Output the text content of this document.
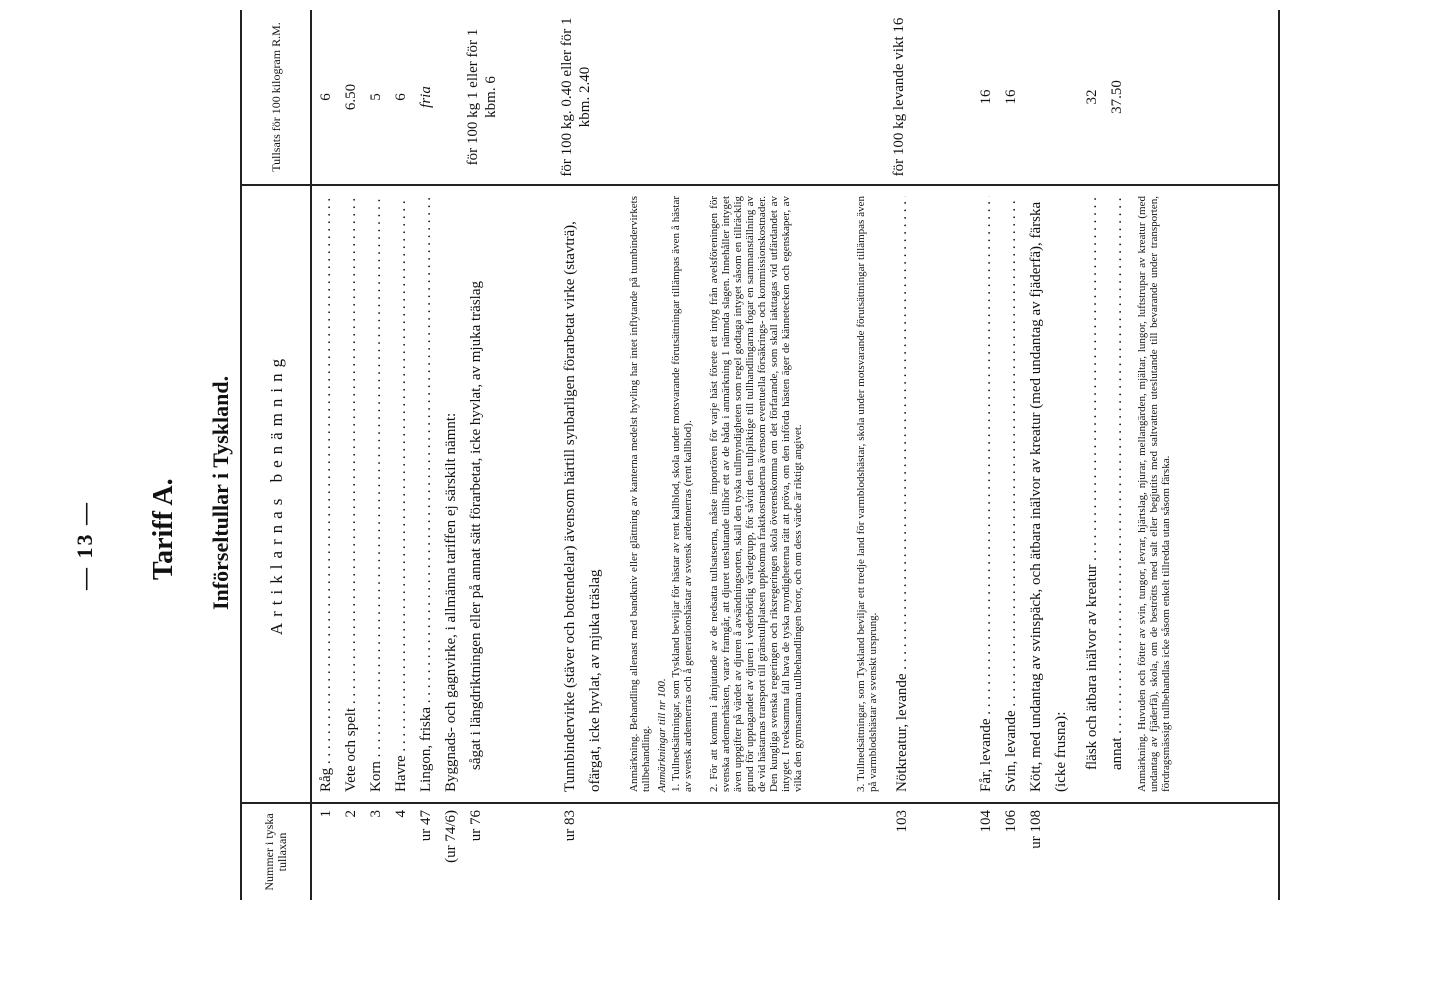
— 13 — Tariff A. Införseltullar i Tyskland.
Nummer i tyska tullaxan
Artiklarnas benämning
Tullsats för 100 kilogram R.M.
1
Råg . . .
6
2
Vete och spelt . . .
6.50
3
Korn . . .
5
4
Havre . . .
6
ur 47
Lingon, friska . . .
fria
(ur 74/6)
Byggnads- och gagnvirke, i allmänna tariffen ej särskilt nämnt:
ur 76
sågat i längdriktningen eller på annat sätt förarbetat, icke hyvlat, av mjuka träslag
för 100 kg 1 eller för 1 kbm. 6
ur 83
Tunnbindervirke (stäver och bottendelar) ävensom härtill synbarligen förarbetat virke (stavträ), ofärgat, icke hyvlat, av mjuka träslag
för 100 kg. 0.40 eller för 1 kbm. 2.40
Anmärkning. Behandling allenast med bandkniv eller glättning av kanterna medelst hyvling har intet inflytande på tunnbindervirkets tullbehandling. Anmärkningar till nr 100. 1. Tullnedsättningar, som Tyskland beviljar för hästar av rent kallblod, skola under motsvarande förutsättningar tillämpas även å hästar av svensk ardennerras och å generationshästar av svensk ardennerras (rent kallblod). 2. För att komma i åtnjutande av de nedsatta tullsatserna, måste importören för varje häst förete ett intyg från avelsföreningen för svenska ardennerhästen, varav framgår, att djuret uteslutande tillhör ett av de båda i anmärkning 1 nämnda slagen. Innehåller intyget även uppgifter på värdet av djuren å avsändningsorten, skall den tyska tullmyndigheten som regel godtaga intyget såsom en tillräcklig grund för upptagandet av djuren i vederbörlig värdegrupp, för såvitt den tullpliktige till tullhandlingarna fogar en sammanställning av de vid hästarnas transport till gränstullplatsen uppkomna fraktkostnaderna ävensom eventuella försäkrings- och kommissionskostnader. Den kungliga svenska regeringen och riksregeringen skola överenskomma om det förfarande, som skall iakttagas vid utfärdandet av intyget. I tveksamma fall hava de tyska myndigheterna rätt att pröva, om den införda hästen äger de kännetecken och egenskaper, av vilka den gymnsamma tullbehandlingen beror, och om dess värde är riktigt angivet.	3. Tullnedsättningar, som Tyskland beviljar ett tredje land för varmblodshästar, skola under motsvarande förutsättningar tillämpas även på varmblodshästar av svenskt ursprung.
103
Nötkreatur, levande . . .
för 100 kg levande vikt 16
104
Får, levande . . .
16
106
Svin, levande . . .
16
ur 108
Kött, med undantag av svinspäck, och ätbara inälvor av kreatur (med undantag av fjäderfä), färska (icke frusna):	fläsk och ätbara inälvor av kreatur . . .
32
annat . . .
37.50
Anmärkning. Huvuden och fötter av svin, tungor, levrar, hjärtslag, njurar, mellangärden, mjältar, lungor, luftstrupar av kreatur (med undantag av fjäderfä), skola, om de beströtts med salt eller begjutits med saltvatten uteslutande till bevarande under transporten, fördragsmässigt tullbehandlas icke såsom enkelt tillredda utan såsom färska.
